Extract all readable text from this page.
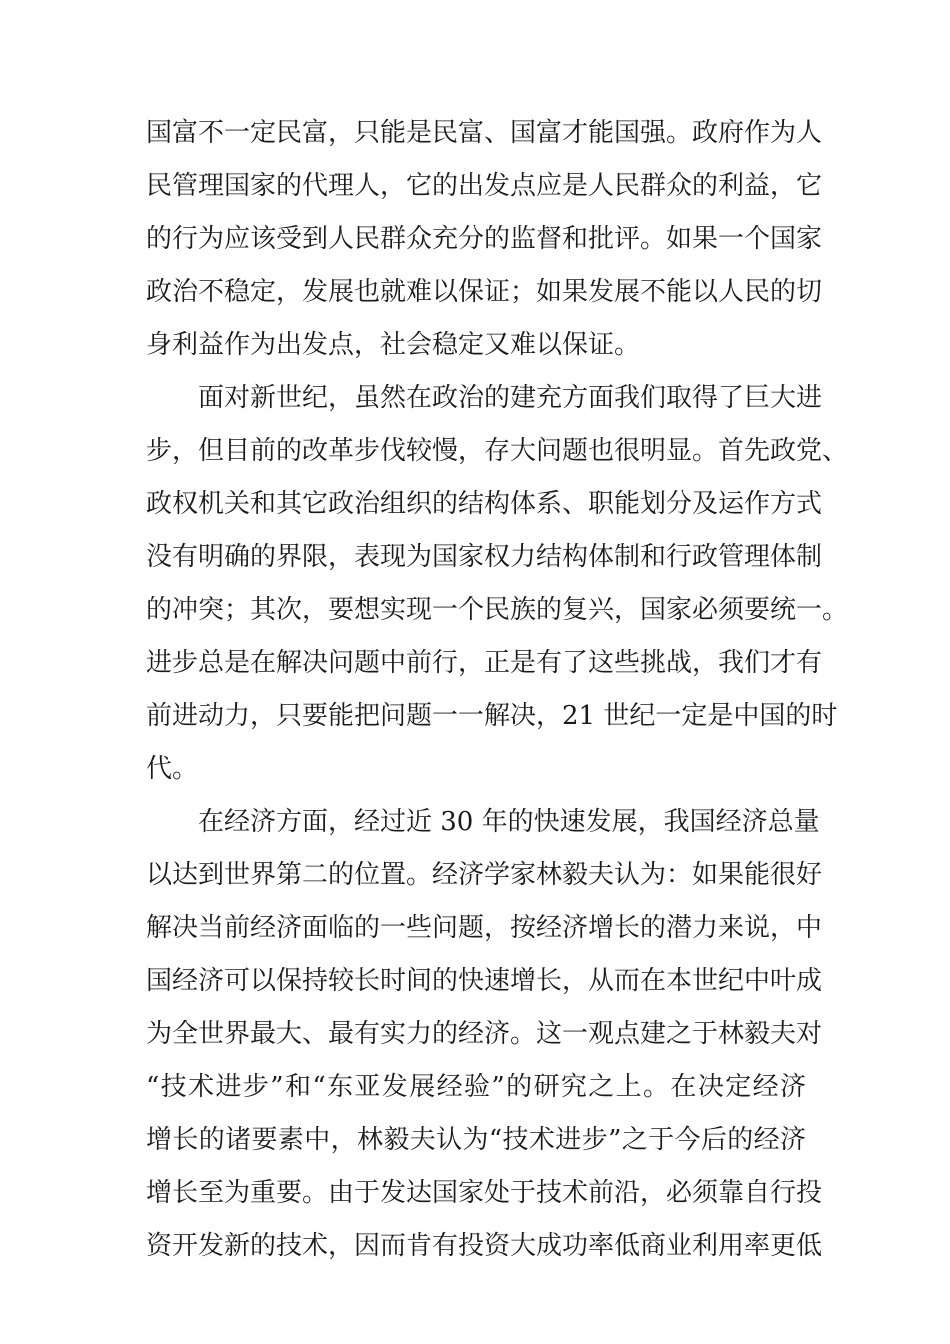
国富不一定民富，只能是民富、国富才能国强。政府作为人
民管理国家的代理人，它的出发点应是人民群众的利益，它
的行为应该受到人民群众充分的监督和批评。如果一个国家
政治不稳定，发展也就难以保证；如果发展不能以人民的切
身利益作为出发点，社会稳定又难以保证。
面对新世纪，虽然在政治的建充方面我们取得了巨大进
步，但目前的改革步伐较慢，存大问题也很明显。首先政党、
政权机关和其它政治组织的结构体系、职能划分及运作方式
没有明确的界限，表现为国家权力结构体制和行政管理体制
的冲突；其次，要想实现一个民族的复兴，国家必须要统一。
进步总是在解决问题中前行，正是有了这些挑战，我们才有
前进动力，只要能把问题一一解决，21 世纪一定是中国的时
代。
在经济方面，经过近 30 年的快速发展，我国经济总量
以达到世界第二的位置。经济学家林毅夫认为：如果能很好
解决当前经济面临的一些问题，按经济增长的潜力来说，中
国经济可以保持较长时间的快速增长，从而在本世纪中叶成
为全世界最大、最有实力的经济。这一观点建之于林毅夫对
“技术进步”和“东亚发展经验”的研究之上。在决定经济
增长的诸要素中，林毅夫认为“技术进步”之于今后的经济
增长至为重要。由于发达国家处于技术前沿，必须靠自行投
资开发新的技术，因而肯有投资大成功率低商业利用率更低
